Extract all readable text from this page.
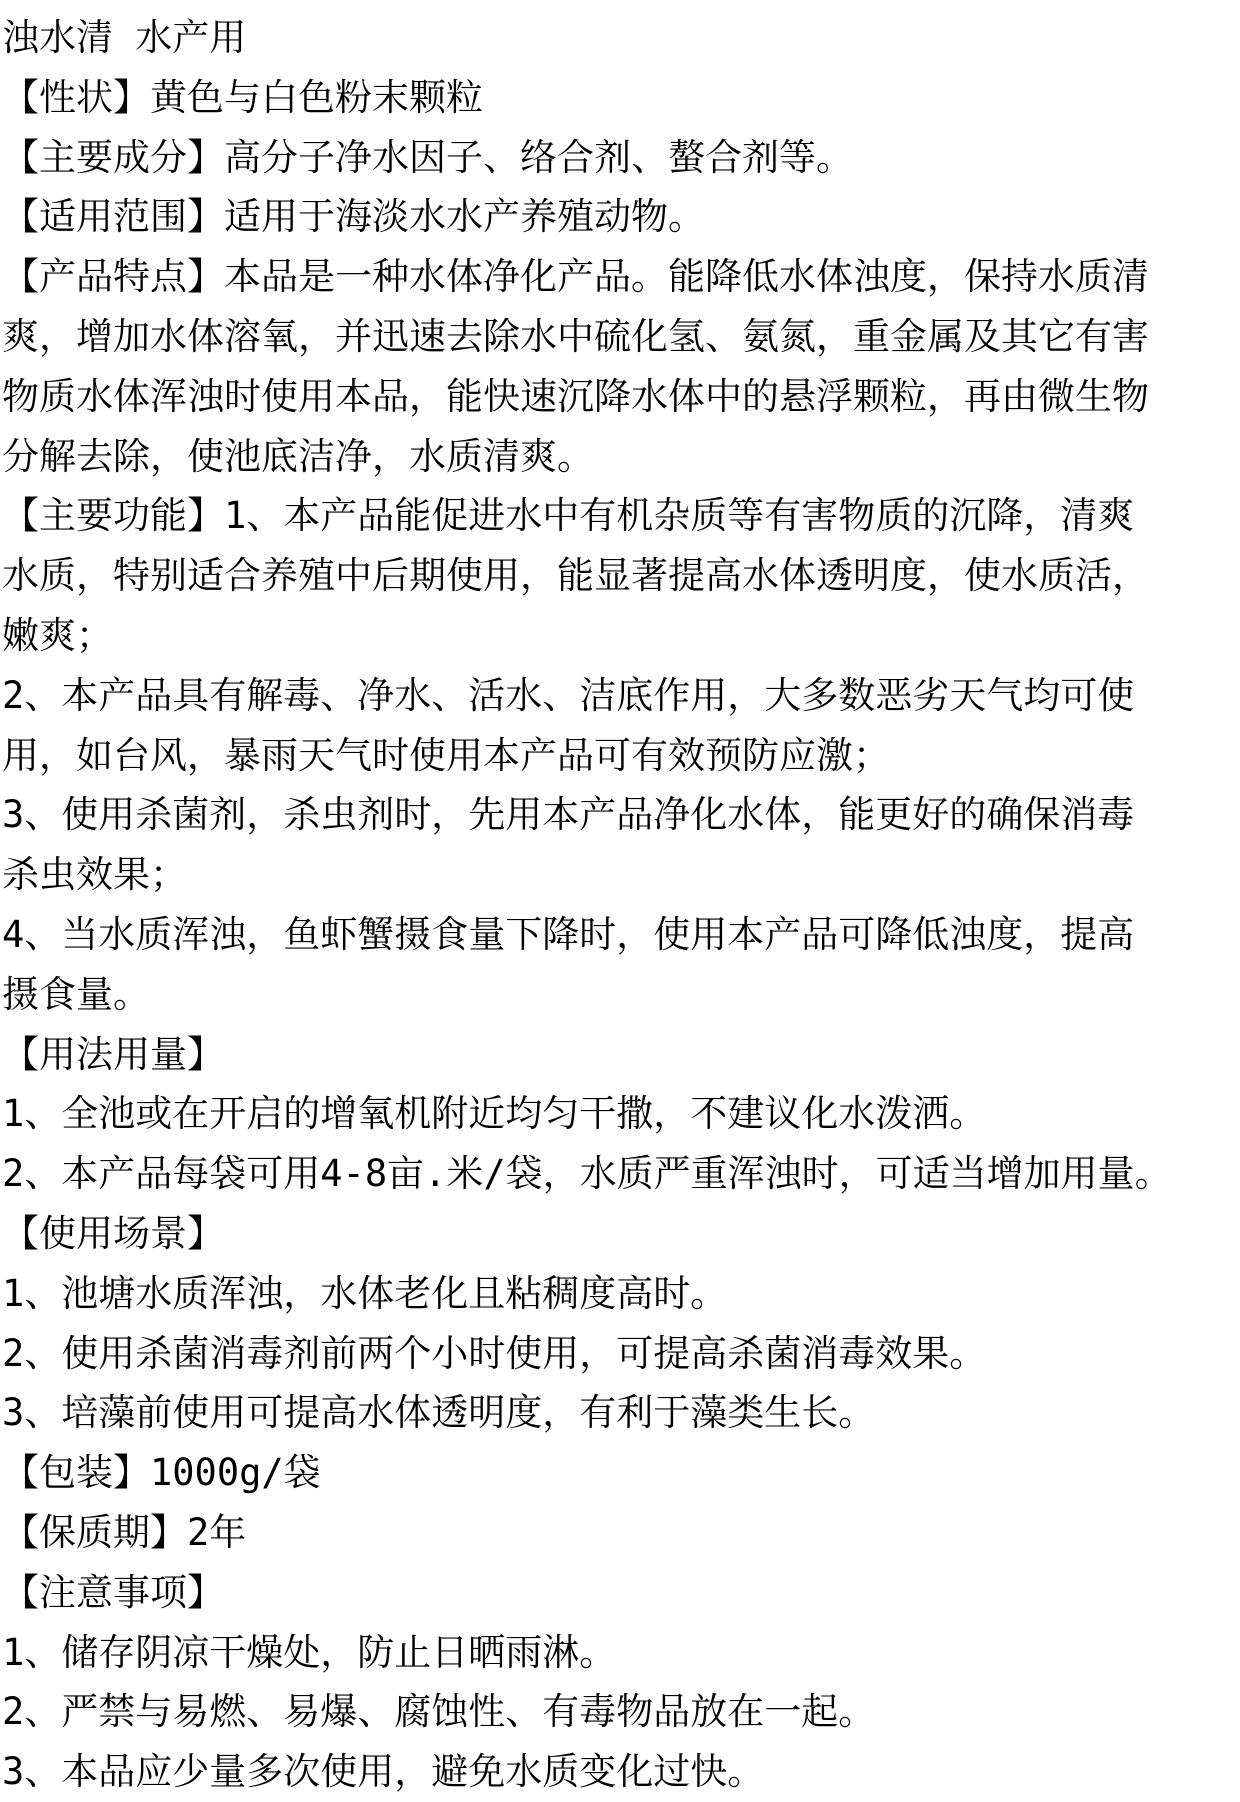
浊水清 水产用
【性状】黄色与白色粉末颗粒
【主要成分】高分子净水因子、络合剂、螯合剂等。
【适用范围】适用于海淡水水产养殖动物。
【产品特点】本品是一种水体净化产品。能降低水体浊度，保持水质清
爽，增加水体溶氧，并迅速去除水中硫化氢、氨氮，重金属及其它有害
物质水体浑浊时使用本品，能快速沉降水体中的悬浮颗粒，再由微生物
分解去除，使池底洁净，水质清爽。
【主要功能】1、本产品能促进水中有机杂质等有害物质的沉降，清爽
水质，特别适合养殖中后期使用，能显著提高水体透明度，使水质活，
嫩爽；
2、本产品具有解毒、净水、活水、洁底作用，大多数恶劣天气均可使
用，如台风，暴雨天气时使用本产品可有效预防应激；
3、使用杀菌剂，杀虫剂时，先用本产品净化水体，能更好的确保消毒
杀虫效果；
4、当水质浑浊，鱼虾蟹摄食量下降时，使用本产品可降低浊度，提高
摄食量。
【用法用量】
1、全池或在开启的增氧机附近均匀干撒，不建议化水泼洒。
2、本产品每袋可用4-8亩.米/袋，水质严重浑浊时，可适当增加用量。
【使用场景】
1、池塘水质浑浊，水体老化且粘稠度高时。
2、使用杀菌消毒剂前两个小时使用，可提高杀菌消毒效果。
3、培藻前使用可提高水体透明度，有利于藻类生长。
【包装】1000g/袋
【保质期】2年
【注意事项】
1、储存阴凉干燥处，防止日晒雨淋。
2、严禁与易燃、易爆、腐蚀性、有毒物品放在一起。
3、本品应少量多次使用，避免水质变化过快。
